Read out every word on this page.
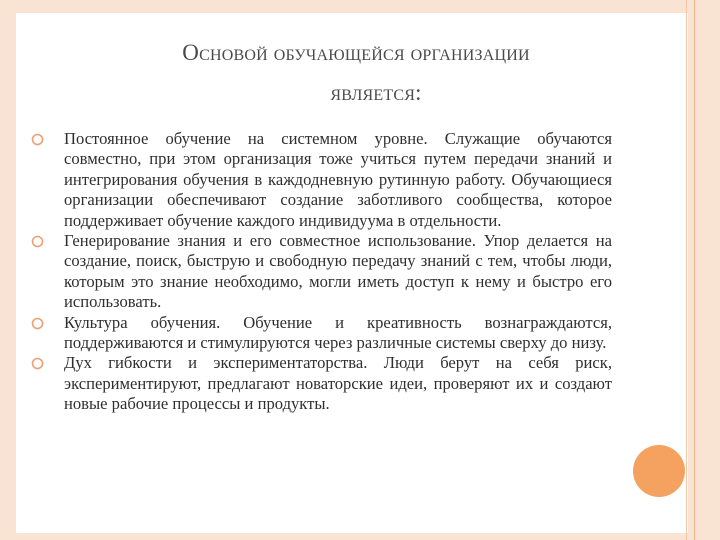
Основой обучающейся организации
является:
Постоянное обучение на системном уровне. Служащие обучаются совместно, при этом организация тоже учиться путем передачи знаний и интегрирования обучения в каждодневную рутинную работу. Обучающиеся организации обеспечивают создание заботливого сообщества, которое поддерживает обучение каждого индивидуума в отдельности.
Генерирование знания и его совместное использование. Упор делается на создание, поиск, быструю и свободную передачу знаний с тем, чтобы люди, которым это знание необходимо, могли иметь доступ к нему и быстро его использовать.
Культура обучения. Обучение и креативность вознаграждаются, поддерживаются и стимулируются через различные системы сверху до низу.
Дух гибкости и экспериментаторства. Люди берут на себя риск, экспериментируют, предлагают новаторские идеи, проверяют их и создают новые рабочие процессы и продукты.
